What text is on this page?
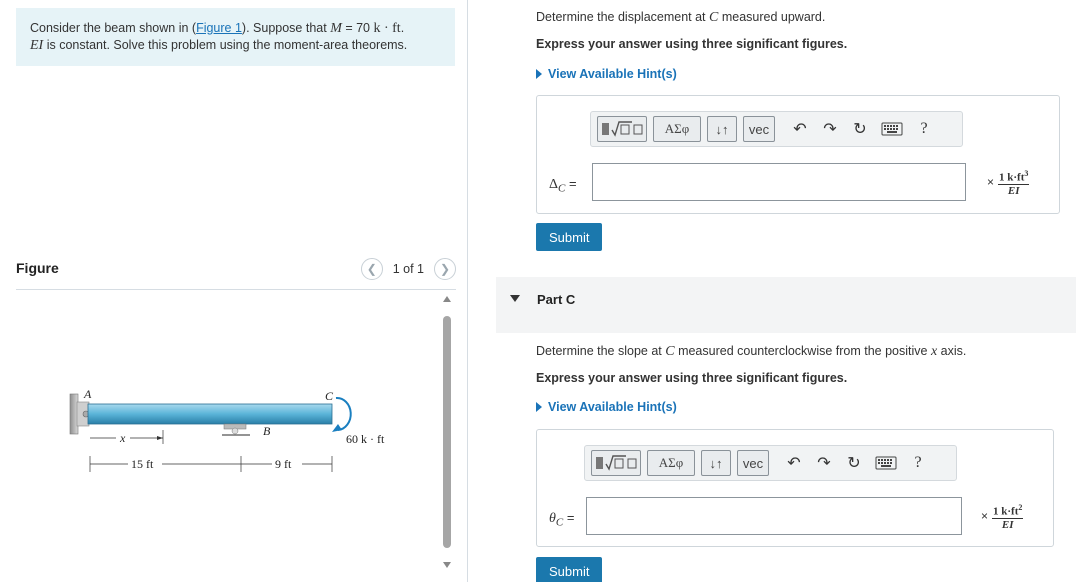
Consider the beam shown in (Figure 1). Suppose that M = 70 k · ft.
EI is constant. Solve this problem using the moment-area theorems.
Figure	❮	1 of 1	❯
A
B
C
60 k · ft
x
15 ft	9 ft
Determine the displacement at C measured upward.
Express your answer using three significant figures.
View Available Hint(s)
ΑΣφ	↓↑	vec	↶ ↷ ↻	?
$\Delta_C$ =	× $\frac{1 k\cdot ft^3}{EI}$
Submit
Part C
Determine the slope at C measured counterclockwise from the positive x axis.
Express your answer using three significant figures.
View Available Hint(s)
ΑΣφ	↓↑	vec	↶ ↷ ↻	?
$\theta_C$ =	× $\frac{1 k\cdot ft^2}{EI}$
Submit
